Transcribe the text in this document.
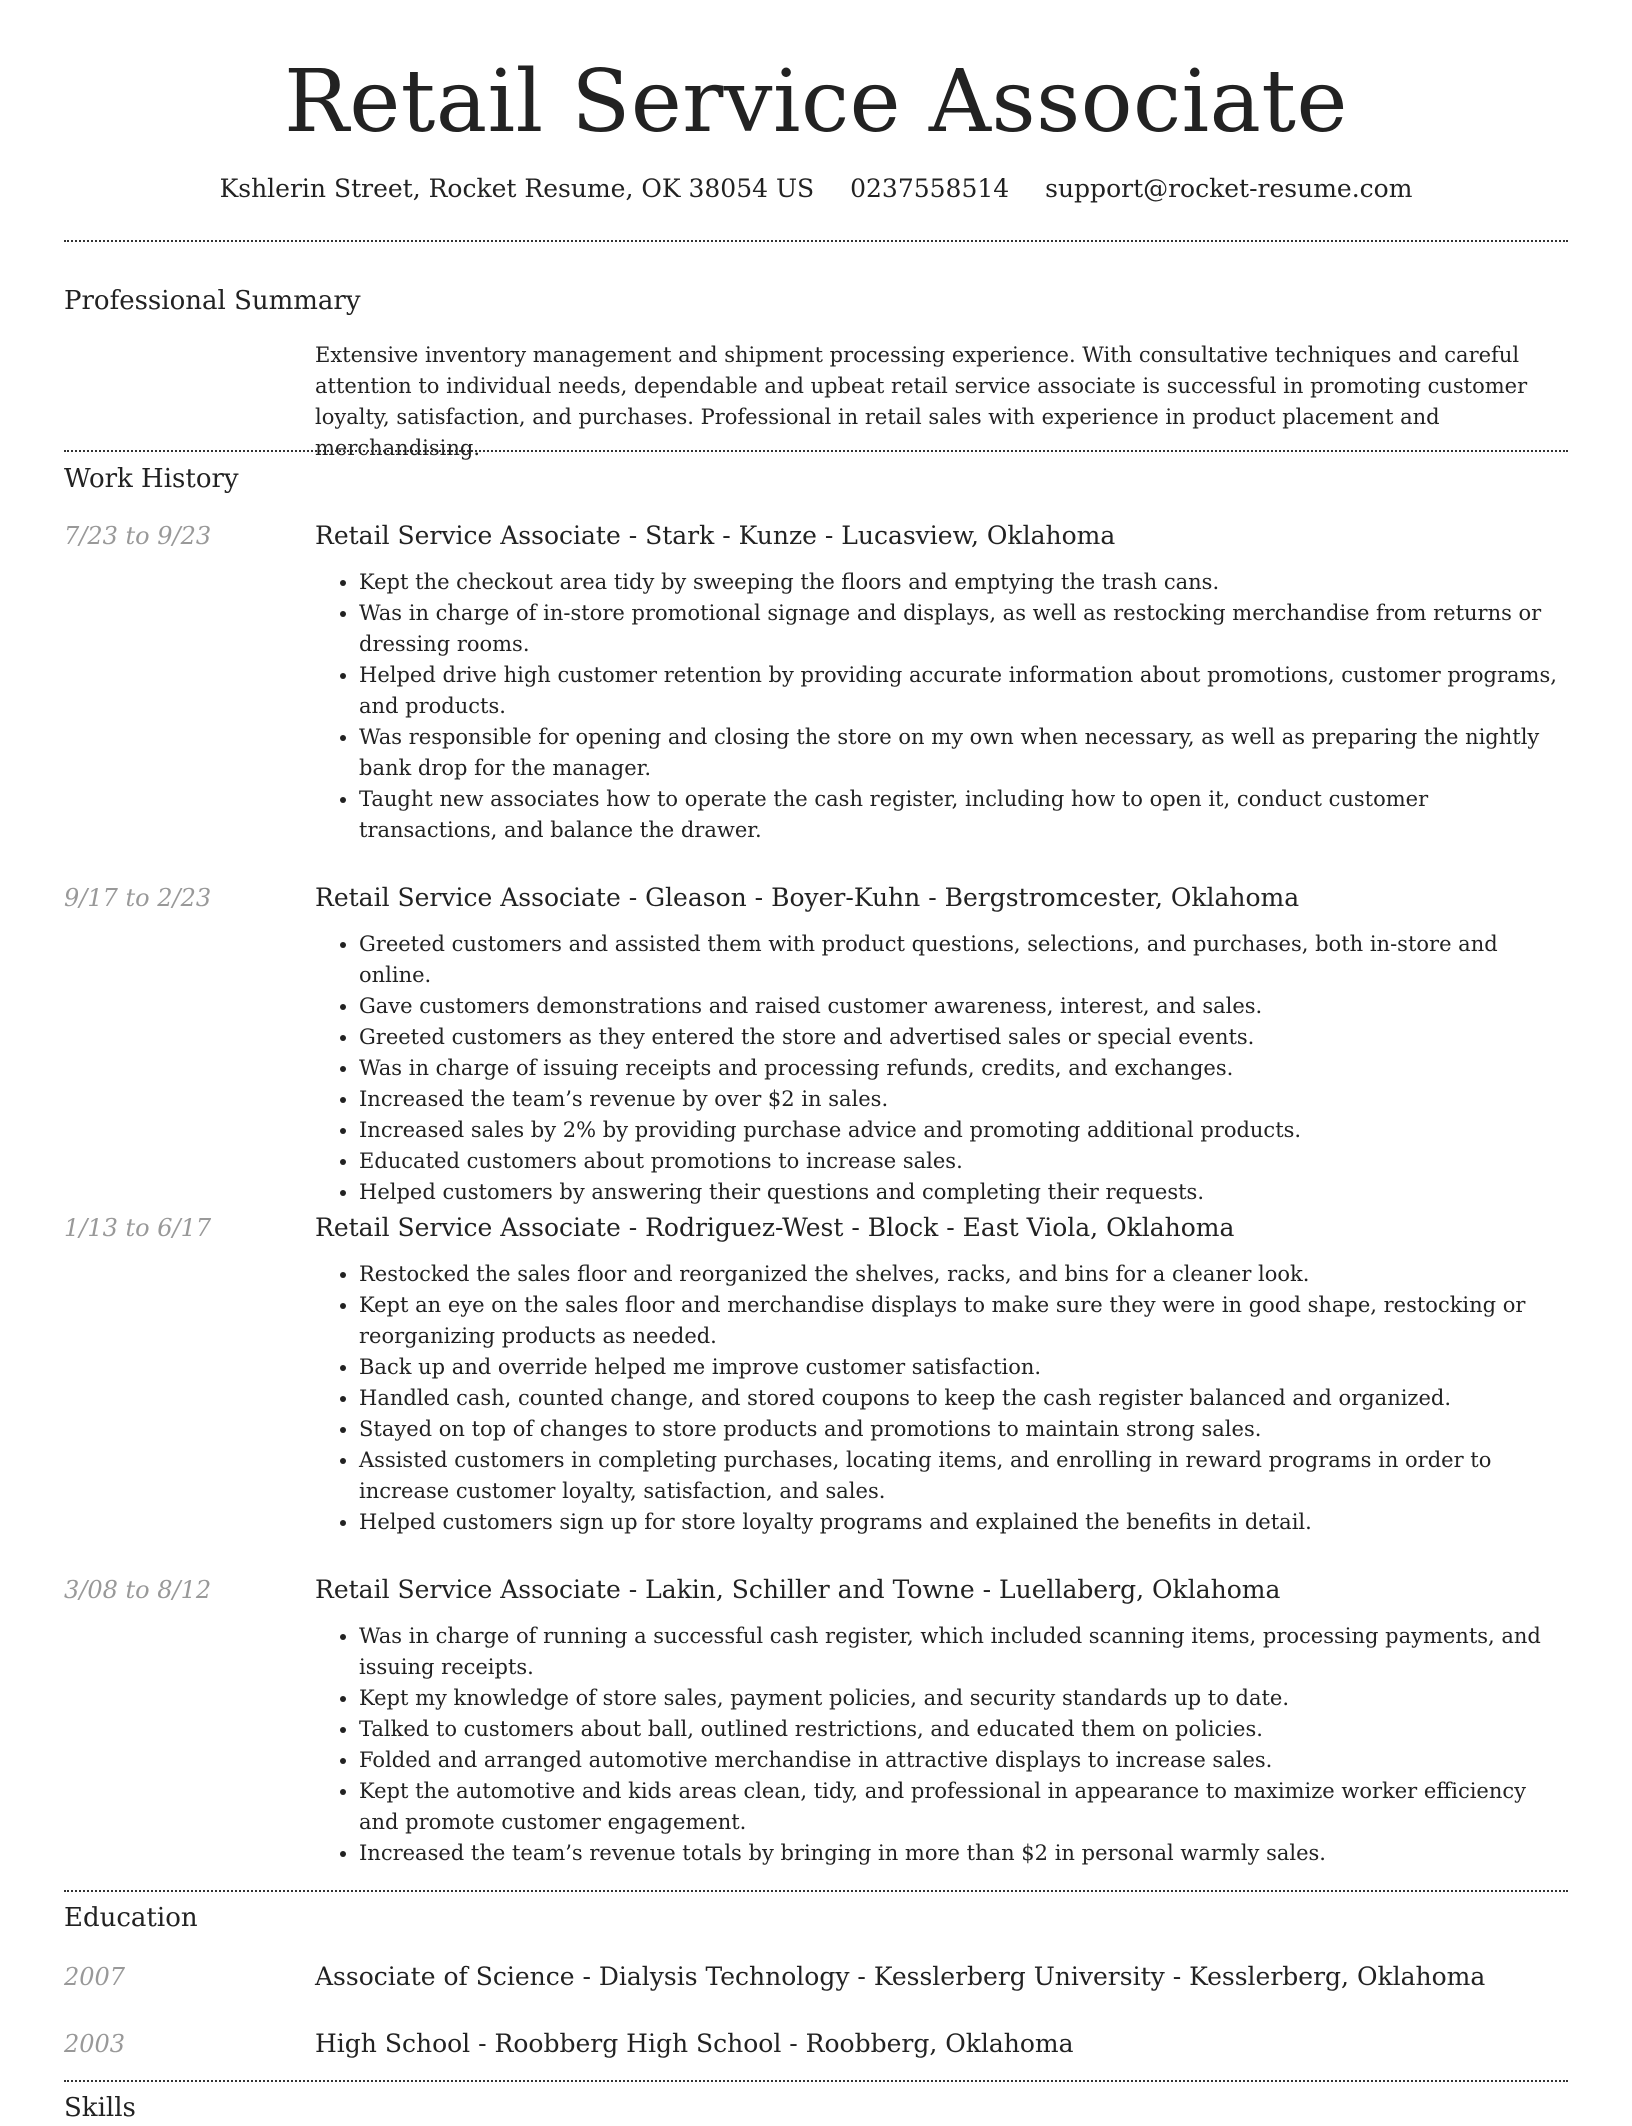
Retail Service Associate
Kshlerin Street, Rocket Resume, OK 38054 US 0237558514 support@rocket-resume.com
Professional Summary
Extensive inventory management and shipment processing experience. With consultative techniques and careful attention to individual needs, dependable and upbeat retail service associate is successful in promoting customer loyalty, satisfaction, and purchases. Professional in retail sales with experience in product placement and merchandising.
Work History
7/23 to 9/23	Retail Service Associate - Stark - Kunze - Lucasview, Oklahoma
• Kept the checkout area tidy by sweeping the floors and emptying the trash cans.
• Was in charge of in-store promotional signage and displays, as well as restocking merchandise from returns or dressing rooms.
• Helped drive high customer retention by providing accurate information about promotions, customer programs, and products.
• Was responsible for opening and closing the store on my own when necessary, as well as preparing the nightly bank drop for the manager.
• Taught new associates how to operate the cash register, including how to open it, conduct customer transactions, and balance the drawer.
9/17 to 2/23	Retail Service Associate - Gleason - Boyer-Kuhn - Bergstromcester, Oklahoma
• Greeted customers and assisted them with product questions, selections, and purchases, both in-store and online.
• Gave customers demonstrations and raised customer awareness, interest, and sales.
• Greeted customers as they entered the store and advertised sales or special events.
• Was in charge of issuing receipts and processing refunds, credits, and exchanges.
• Increased the team’s revenue by over $2 in sales.
• Increased sales by 2% by providing purchase advice and promoting additional products.
• Educated customers about promotions to increase sales.
• Helped customers by answering their questions and completing their requests.
1/13 to 6/17	Retail Service Associate - Rodriguez-West - Block - East Viola, Oklahoma
• Restocked the sales floor and reorganized the shelves, racks, and bins for a cleaner look.
• Kept an eye on the sales floor and merchandise displays to make sure they were in good shape, restocking or reorganizing products as needed.
• Back up and override helped me improve customer satisfaction.
• Handled cash, counted change, and stored coupons to keep the cash register balanced and organized.
• Stayed on top of changes to store products and promotions to maintain strong sales.
• Assisted customers in completing purchases, locating items, and enrolling in reward programs in order to increase customer loyalty, satisfaction, and sales.
• Helped customers sign up for store loyalty programs and explained the benefits in detail.
3/08 to 8/12	Retail Service Associate - Lakin, Schiller and Towne - Luellaberg, Oklahoma
• Was in charge of running a successful cash register, which included scanning items, processing payments, and issuing receipts.
• Kept my knowledge of store sales, payment policies, and security standards up to date.
• Talked to customers about ball, outlined restrictions, and educated them on policies.
• Folded and arranged automotive merchandise in attractive displays to increase sales.
• Kept the automotive and kids areas clean, tidy, and professional in appearance to maximize worker efficiency and promote customer engagement.
• Increased the team’s revenue totals by bringing in more than $2 in personal warmly sales.
Education
2007	Associate of Science - Dialysis Technology - Kesslerberg University - Kesslerberg, Oklahoma
2003	High School - Roobberg High School - Roobberg, Oklahoma
Skills
